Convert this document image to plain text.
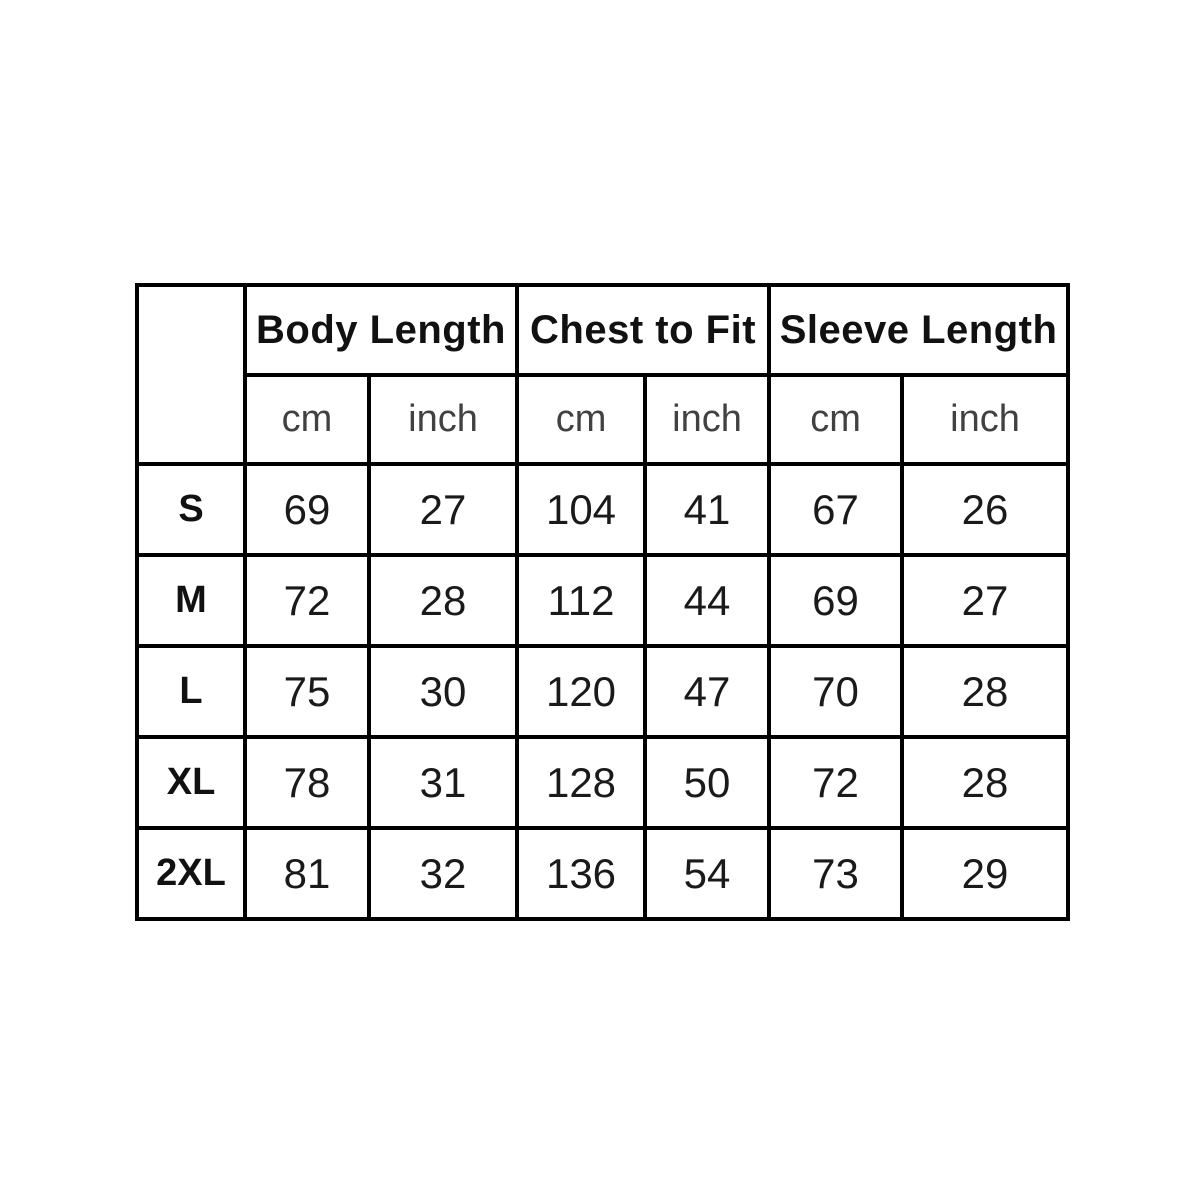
	Body Length		Chest to Fit		Sleeve Length	
	cm	inch	cm	inch	cm	inch
S	69	27	104	41	67	26
M	72	28	112	44	69	27
L	75	30	120	47	70	28
XL	78	31	128	50	72	28
2XL	81	32	136	54	73	29
